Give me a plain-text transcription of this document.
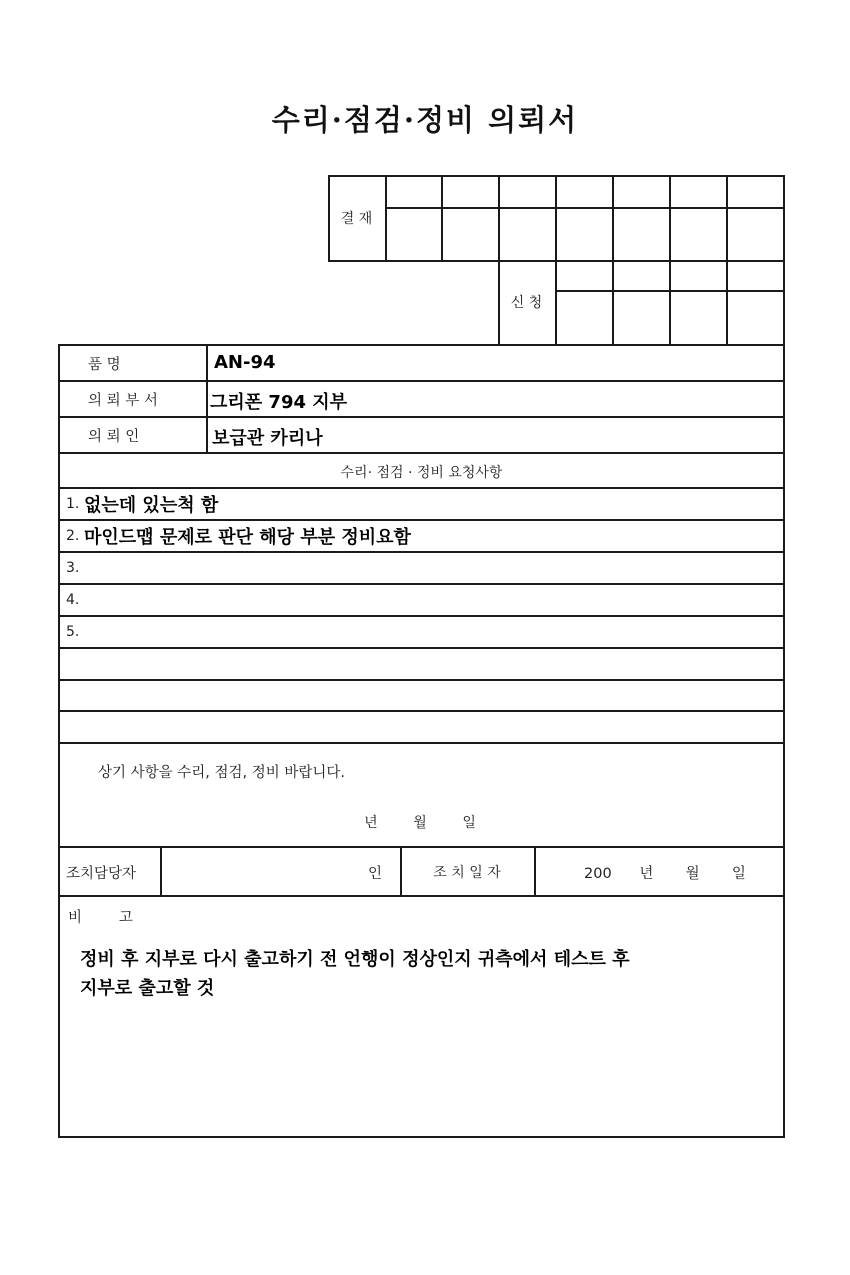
수리·점검·정비 의뢰서
결 재
신 청
품 명	AN-94
의 뢰 부 서	그리폰 794 지부
의 뢰 인	보급관 카리나
수리· 점검 · 정비 요청사항
1. 없는데 있는척 함
2. 마인드맵 문제로 판단 해당 부분 정비요함
3.
4.
5.
상기 사항을 수리, 점검, 정비 바랍니다.
년        월        일
조치담당자	인	조 치 일 자	200      년       월       일
비        고
정비 후 지부로 다시 출고하기 전 언행이 정상인지 귀측에서 테스트 후
지부로 출고할 것
